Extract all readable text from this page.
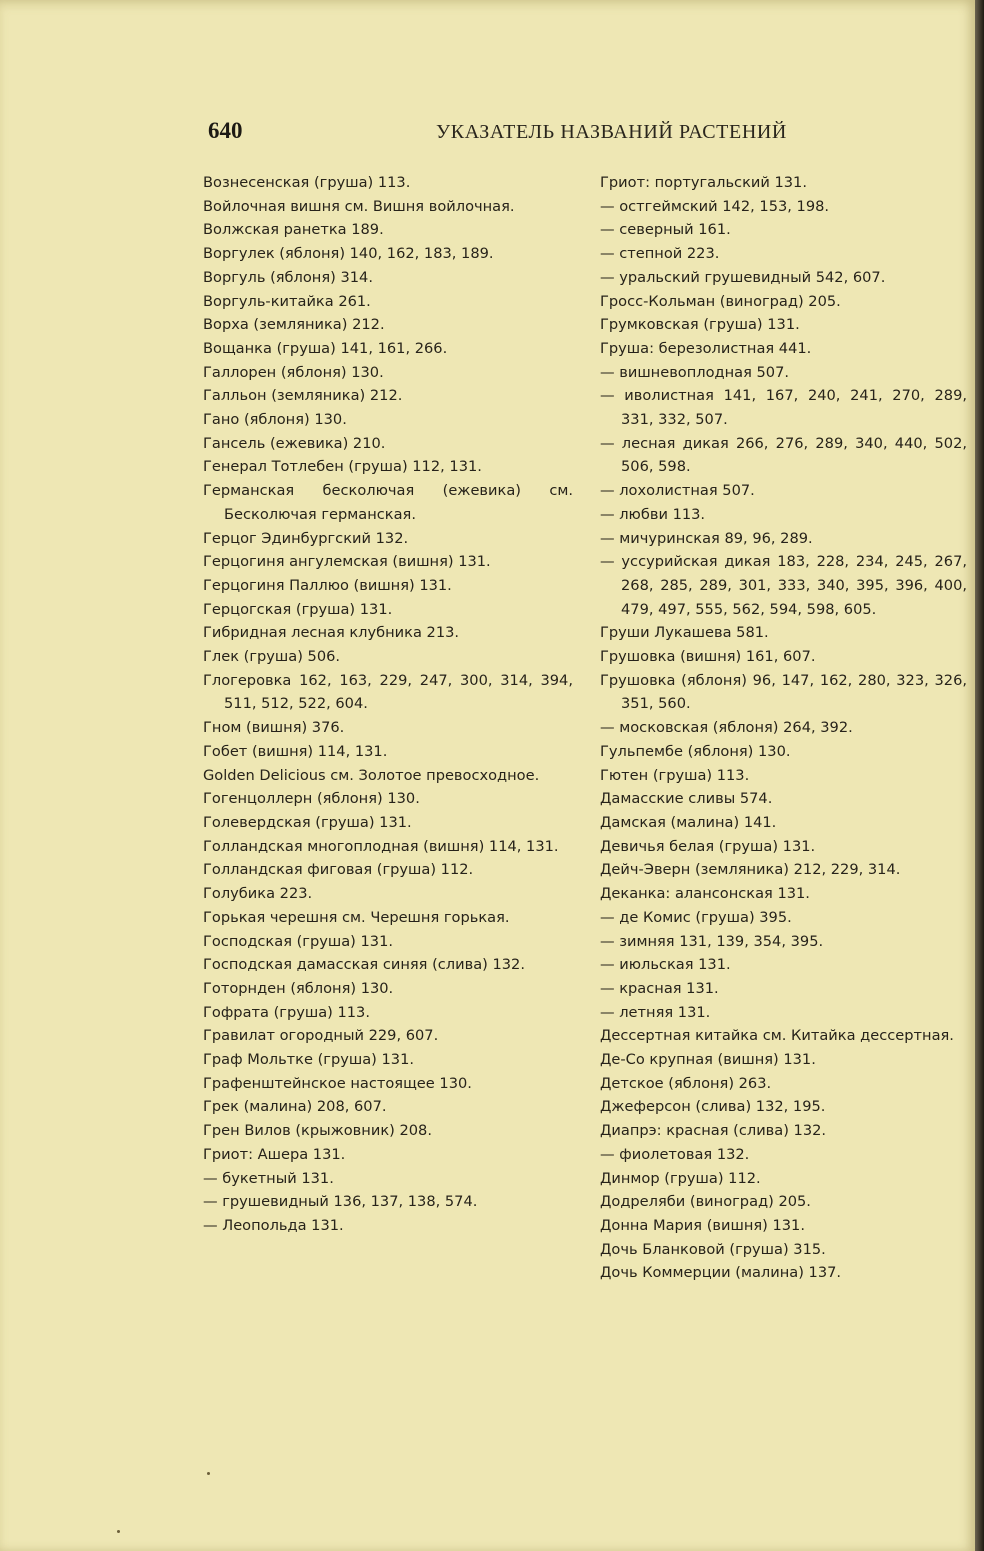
640	УКАЗАТЕЛЬ НАЗВАНИЙ РАСТЕНИЙ
Вознесенская (груша) 113.
Войлочная вишня см. Вишня войлочная.
Волжская ранетка 189.
Воргулек (яблоня) 140, 162, 183, 189.
Воргуль (яблоня) 314.
Воргуль-китайка 261.
Ворха (земляника) 212.
Вощанка (груша) 141, 161, 266.
Галлорен (яблоня) 130.
Галльон (земляника) 212.
Гано (яблоня) 130.
Гансель (ежевика) 210.
Генерал Тотлебен (груша) 112, 131.
Германская бесколючая (ежевика) см. Бесколючая германская.
Герцог Эдинбургский 132.
Герцогиня ангулемская (вишня) 131.
Герцогиня Паллюо (вишня) 131.
Герцогская (груша) 131.
Гибридная лесная клубника 213.
Глек (груша) 506.
Глогеровка 162, 163, 229, 247, 300, 314, 394, 511, 512, 522, 604.
Гном (вишня) 376.
Гобет (вишня) 114, 131.
Golden Delicious см. Золотое превосходное.
Гогенцоллерн (яблоня) 130.
Голевердская (груша) 131.
Голландская многоплодная (вишня) 114, 131.
Голландская фиговая (груша) 112.
Голубика 223.
Горькая черешня см. Черешня горькая.
Господская (груша) 131.
Господская дамасская синяя (слива) 132.
Готорнден (яблоня) 130.
Гофрата (груша) 113.
Гравилат огородный 229, 607.
Граф Мольтке (груша) 131.
Графенштейнское настоящее 130.
Грек (малина) 208, 607.
Грен Вилов (крыжовник) 208.
Гриот: Ашера 131.
— букетный 131.
— грушевидный 136, 137, 138, 574.
— Леопольда 131.
Гриот: португальский 131.
— остгеймский 142, 153, 198.
— северный 161.
— степной 223.
— уральский грушевидный 542, 607.
Гросс-Кольман (виноград) 205.
Грумковская (груша) 131.
Груша: березолистная 441.
— вишневоплодная 507.
— иволистная 141, 167, 240, 241, 270, 289, 331, 332, 507.
— лесная дикая 266, 276, 289, 340, 440, 502, 506, 598.
— лохолистная 507.
— любви 113.
— мичуринская 89, 96, 289.
— уссурийская дикая 183, 228, 234, 245, 267, 268, 285, 289, 301, 333, 340, 395, 396, 400, 479, 497, 555, 562, 594, 598, 605.
Груши Лукашева 581.
Грушовка (вишня) 161, 607.
Грушовка (яблоня) 96, 147, 162, 280, 323, 326, 351, 560.
— московская (яблоня) 264, 392.
Гульпембе (яблоня) 130.
Гютен (груша) 113.
Дамасские сливы 574.
Дамская (малина) 141.
Девичья белая (груша) 131.
Дейч-Эверн (земляника) 212, 229, 314.
Деканка: алансонская 131.
— де Комис (груша) 395.
— зимняя 131, 139, 354, 395.
— июльская 131.
— красная 131.
— летняя 131.
Дессертная китайка см. Китайка дессертная.
Де-Со крупная (вишня) 131.
Детское (яблоня) 263.
Джеферсон (слива) 132, 195.
Диапрэ: красная (слива) 132.
— фиолетовая 132.
Динмор (груша) 112.
Додреляби (виноград) 205.
Донна Мария (вишня) 131.
Дочь Бланковой (груша) 315.
Дочь Коммерции (малина) 137.
